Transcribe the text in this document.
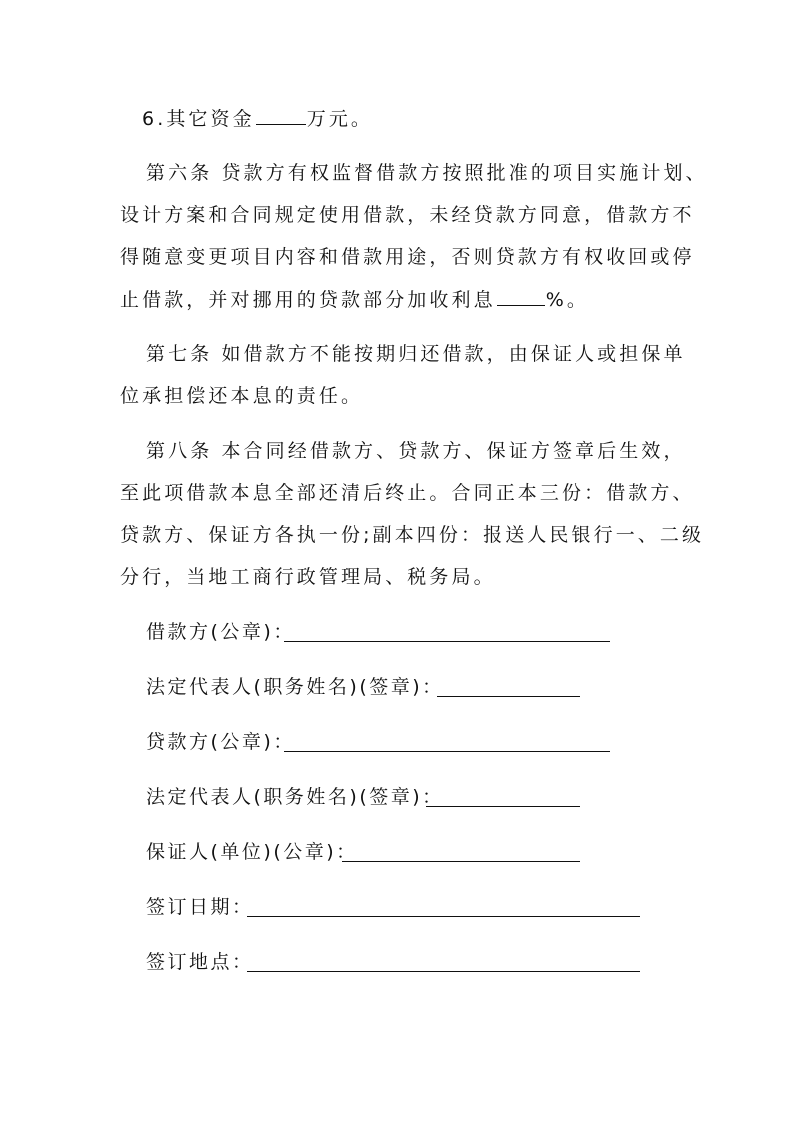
6.其它资金	万元。
第六条 贷款方有权监督借款方按照批准的项目实施计划、
设计方案和合同规定使用借款，未经贷款方同意，借款方不
得随意变更项目内容和借款用途，否则贷款方有权收回或停
止借款，并对挪用的贷款部分加收利息	%。
第七条 如借款方不能按期归还借款，由保证人或担保单
位承担偿还本息的责任。
第八条 本合同经借款方、贷款方、保证方签章后生效，
至此项借款本息全部还清后终止。合同正本三份：借款方、
贷款方、保证方各执一份;副本四份：报送人民银行一、二级
分行，当地工商行政管理局、税务局。
借款方(公章)：
法定代表人(职务姓名)(签章)：
贷款方(公章)：
法定代表人(职务姓名)(签章)：
保证人(单位)(公章)：
签订日期：
签订地点：
